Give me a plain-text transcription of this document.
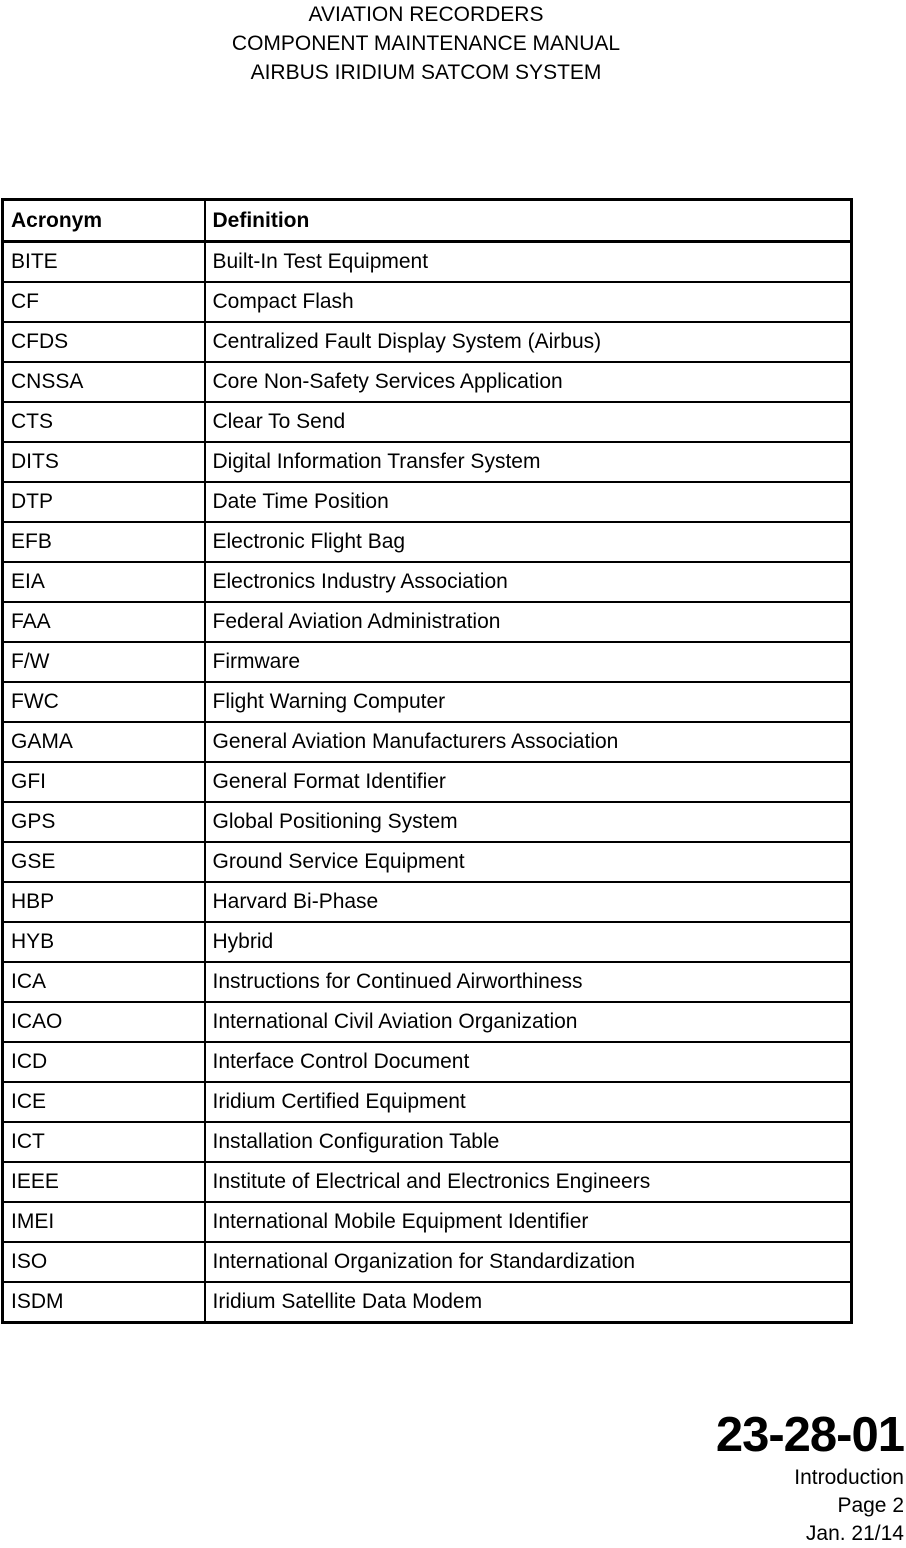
AVIATION RECORDERS
COMPONENT MAINTENANCE MANUAL
AIRBUS IRIDIUM SATCOM SYSTEM
Acronym	Definition
BITE	Built-In Test Equipment
CF	Compact Flash
CFDS	Centralized Fault Display System (Airbus)
CNSSA	Core Non-Safety Services Application
CTS	Clear To Send
DITS	Digital Information Transfer System
DTP	Date Time Position
EFB	Electronic Flight Bag
EIA	Electronics Industry Association
FAA	Federal Aviation Administration
F/W	Firmware
FWC	Flight Warning Computer
GAMA	General Aviation Manufacturers Association
GFI	General Format Identifier
GPS	Global Positioning System
GSE	Ground Service Equipment
HBP	Harvard Bi-Phase
HYB	Hybrid
ICA	Instructions for Continued Airworthiness
ICAO	International Civil Aviation Organization
ICD	Interface Control Document
ICE	Iridium Certified Equipment
ICT	Installation Configuration Table
IEEE	Institute of Electrical and Electronics Engineers
IMEI	International Mobile Equipment Identifier
ISO	International Organization for Standardization
ISDM	Iridium Satellite Data Modem
23-28-01
Introduction
Page 2
Jan. 21/14
